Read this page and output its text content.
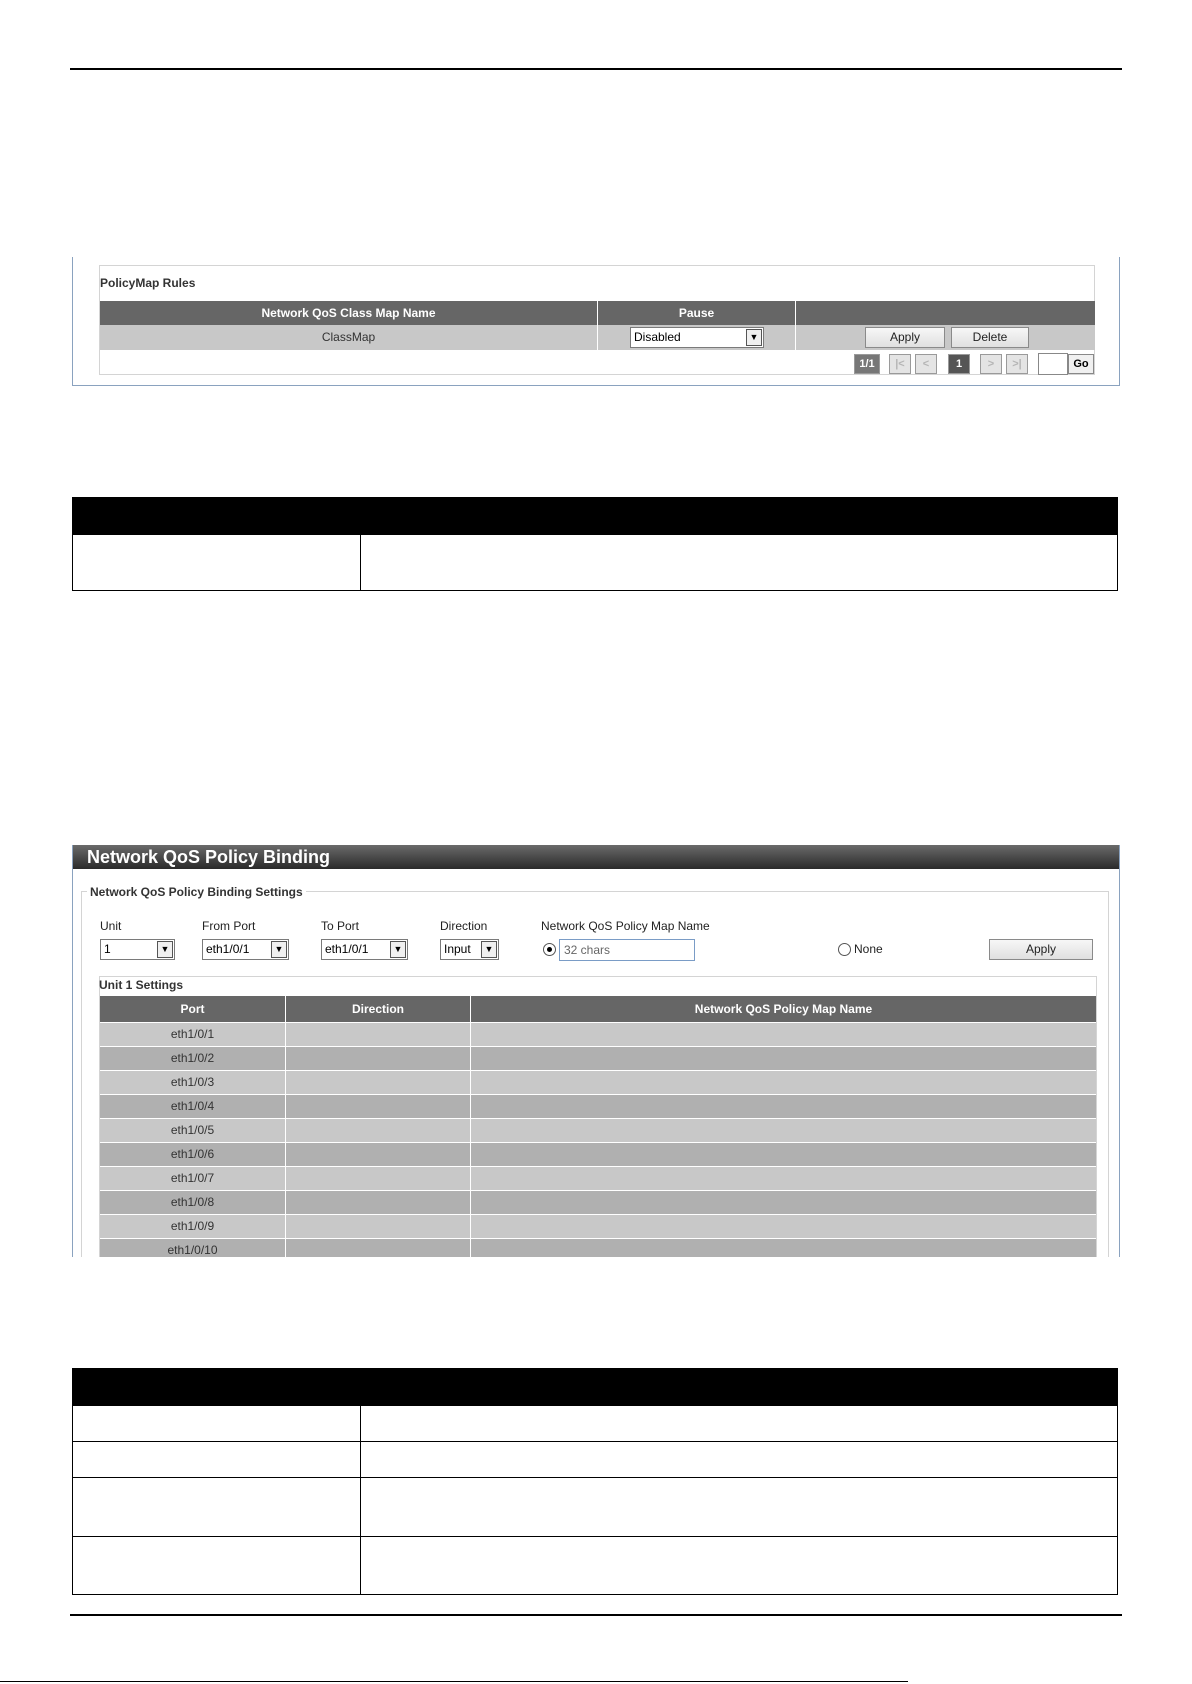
PolicyMap Rules
Network QoS Class Map Name	Pause
ClassMap	Disabled	▼	Apply	Delete
1/1	|<	<	1	>	>|	Go
Network QoS Policy Binding
Network QoS Policy Binding Settings
Unit	From Port	To Port	Direction	Network QoS Policy Map Name
1	▼	eth1/0/1	▼	eth1/0/1	▼	Input	▼	32 chars	None	Apply
Unit 1 Settings
Port	Direction	Network QoS Policy Map Name
eth1/0/1
eth1/0/2
eth1/0/3
eth1/0/4
eth1/0/5
eth1/0/6
eth1/0/7
eth1/0/8
eth1/0/9
eth1/0/10
